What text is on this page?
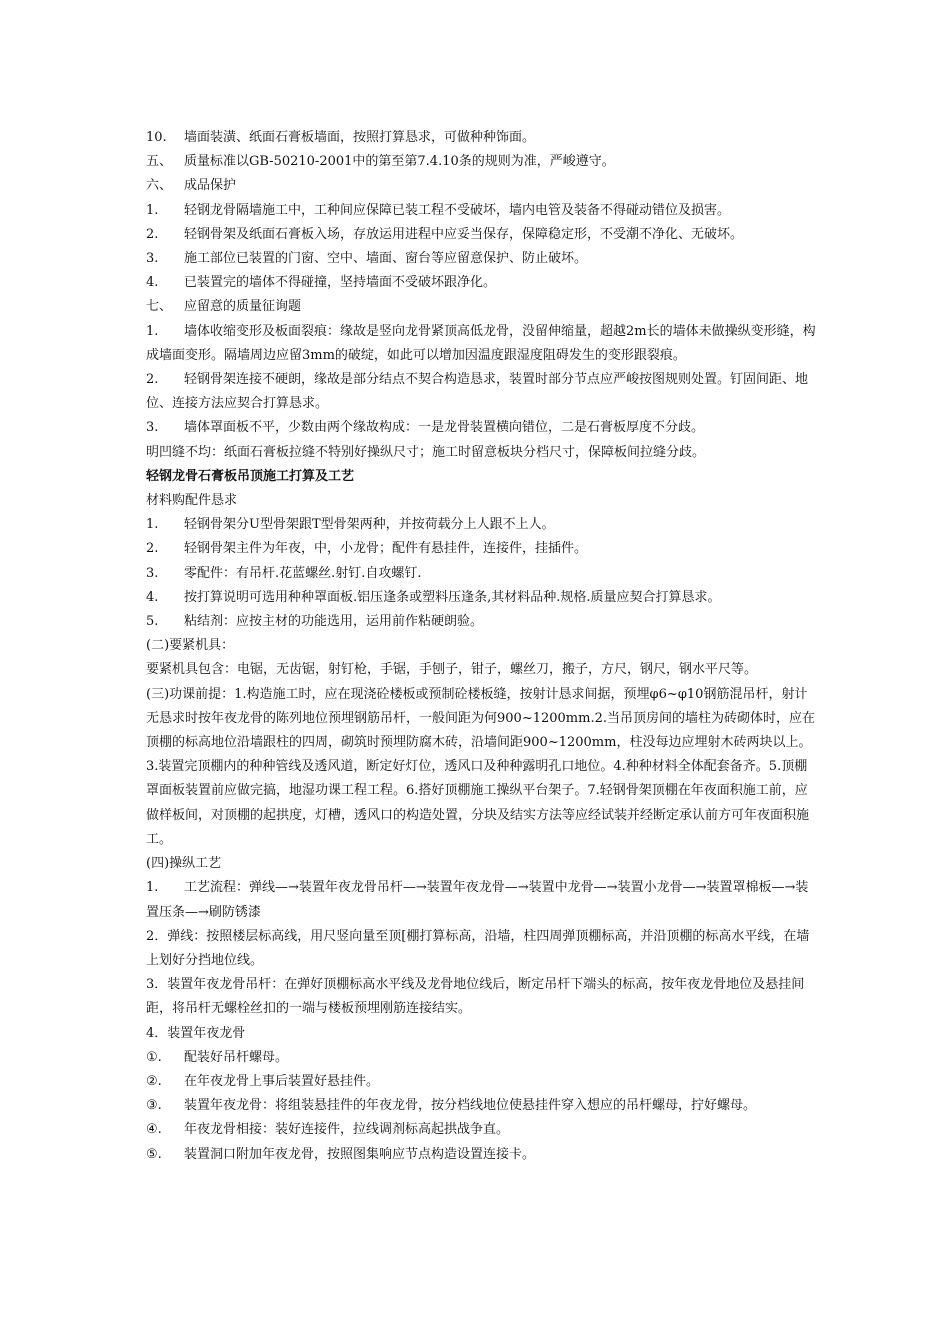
10. 墙面装潢、纸面石膏板墙面，按照打算恳求，可做种种饰面。

五、 质量标准以GB-50210-2001中的第至第7.4.10条的规则为准，严峻遵守。

六、 成品保护

1. 轻钢龙骨隔墙施工中，工种间应保障已装工程不受破坏，墙内电管及装备不得碰动错位及损害。

2. 轻钢骨架及纸面石膏板入场，存放运用进程中应妥当保存，保障稳定形，不受潮不净化、无破坏。

3. 施工部位已装置的门窗、空中、墙面、窗台等应留意保护、防止破坏。

4. 已装置完的墙体不得碰撞，坚持墙面不受破坏跟净化。

七、 应留意的质量征询题

1. 墙体收缩变形及板面裂痕：缘故是竖向龙骨紧顶高低龙骨，没留伸缩量，超越2m长的墙体未做操纵变形缝，构成墙面变形。隔墙周边应留3mm的破绽，如此可以增加因温度跟湿度阻碍发生的变形跟裂痕。

2. 轻钢骨架连接不硬朗，缘故是部分结点不契合构造恳求，装置时部分节点应严峻按图规则处置。钉固间距、地位、连接方法应契合打算恳求。

3. 墙体罩面板不平，少数由两个缘故构成：一是龙骨装置横向错位，二是石膏板厚度不分歧。

明凹缝不均：纸面石膏板拉缝不特别好操纵尺寸；施工时留意板块分档尺寸，保障板间拉缝分歧。

轻钢龙骨石膏板吊顶施工打算及工艺

材料购配件恳求

1. 轻钢骨架分U型骨架跟T型骨架两种，并按荷载分上人跟不上人。

2. 轻钢骨架主件为年夜，中，小龙骨；配件有悬挂件，连接件，挂插件。

3. 零配件：有吊杆.花蓝螺丝.射钉.自攻螺钉.

4. 按打算说明可选用种种罩面板.铝压逢条或塑料压逢条,其材料品种.规格.质量应契合打算恳求。

5. 粘结剂：应按主材的功能选用，运用前作粘硬朗验。

(二)要紧机具：

要紧机具包含：电锯，无齿锯，射钉枪，手锯，手刨子，钳子，螺丝刀，搬子，方尺，钢尺，钢水平尺等。

(三)功课前提：1.构造施工时，应在现浇砼楼板或预制砼楼板缝，按射计恳求间据，预埋φ6~φ10钢筋混吊杆，射计无恳求时按年夜龙骨的陈列地位预埋钢筋吊杆，一般间距为何900~1200mm.2.当吊顶房间的墙柱为砖砌体时，应在顶棚的标高地位沿墙跟柱的四周，砌筑时预埋防腐木砖，沿墙间距900~1200mm，柱没每边应埋射木砖两块以上。3.装置完顶棚内的种种管线及透风道，断定好灯位，透风口及种种露明孔口地位。4.种种材料全体配套备齐。5.顶棚罩面板装置前应做完搞，地湿功课工程工程。6.搭好顶棚施工操纵平台架子。7.轻钢骨架顶棚在年夜面积施工前，应做样板间，对顶棚的起拱度，灯槽，透风口的构造处置，分块及结实方法等应经试装并经断定承认前方可年夜面积施工。

(四)操纵工艺

1. 工艺流程：弹线—→装置年夜龙骨吊杆—→装置年夜龙骨—→装置中龙骨—→装置小龙骨—→装置罩棉板—→装置压条—→刷防锈漆

2．弹线：按照楼层标高线，用尺竖向量至顶[棚打算标高，沿墙，柱四周弹顶棚标高，并沿顶棚的标高水平线，在墙上划好分挡地位线。

3．装置年夜龙骨吊杆：在弹好顶棚标高水平线及龙骨地位线后，断定吊杆下端头的标高，按年夜龙骨地位及悬挂间距，将吊杆无螺栓丝扣的一端与楼板预埋刚筋连接结实。

4．装置年夜龙骨

①. 配装好吊杆螺母。

②. 在年夜龙骨上事后装置好悬挂件。

③. 装置年夜龙骨：将组装悬挂件的年夜龙骨，按分档线地位使悬挂件穿入想应的吊杆螺母，拧好螺母。

④. 年夜龙骨相接：装好连接件，拉线调剂标高起拱战争直。

⑤. 装置洞口附加年夜龙骨，按照图集响应节点构造设置连接卡。
